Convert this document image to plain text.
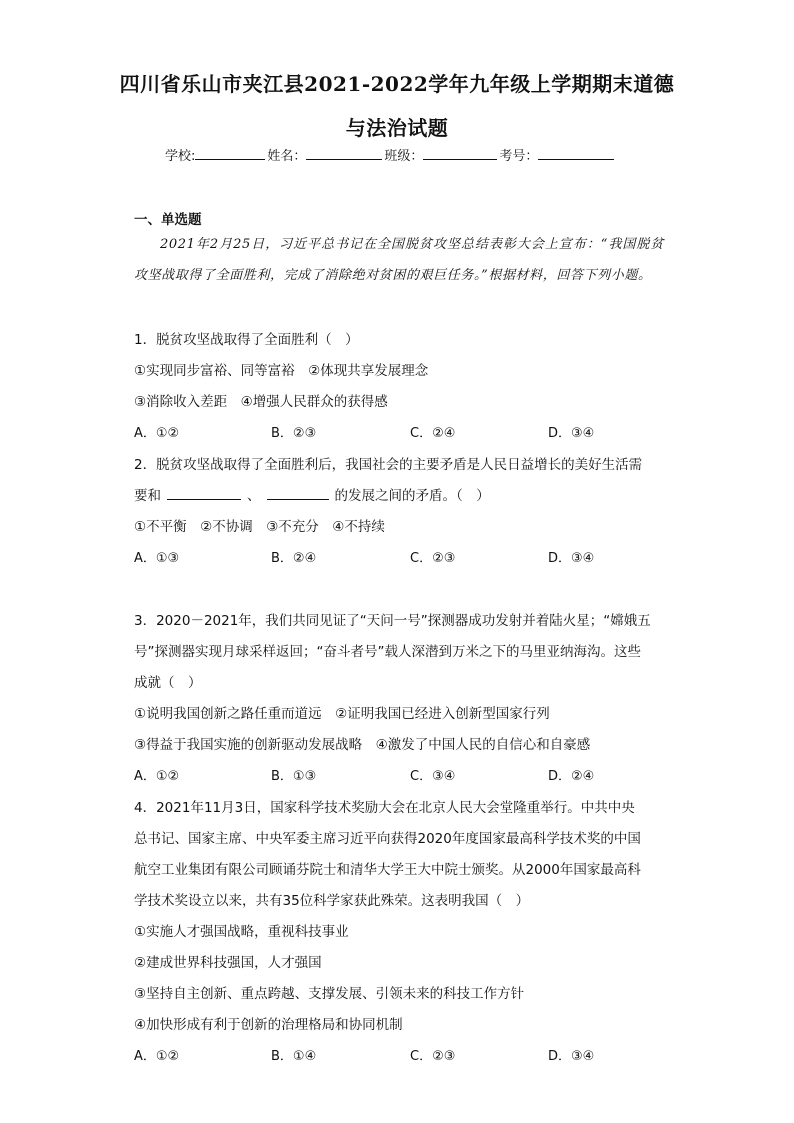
四川省乐山市夹江县2021-2022学年九年级上学期期末道德
与法治试题
学校:	姓名：	班级：	考号：
一、单选题
2021年2月25日，习近平总书记在全国脱贫攻坚总结表彰大会上宣布：“我国脱贫攻坚战取得了全面胜利，完成了消除绝对贫困的艰巨任务。”根据材料，回答下列小题。
1．脱贫攻坚战取得了全面胜利（　）
①实现同步富裕、同等富裕　②体现共享发展理念
③消除收入差距　④增强人民群众的获得感
A．①②	B．②③	C．②④	D．③④
2．脱贫攻坚战取得了全面胜利后，我国社会的主要矛盾是人民日益增长的美好生活需
要和	、	的发展之间的矛盾。（　）
①不平衡　②不协调　③不充分　④不持续
A．①③	B．②④	C．②③	D．③④
3．2020－2021年，我们共同见证了“天问一号”探测器成功发射并着陆火星；“嫦娥五
号”探测器实现月球采样返回；“奋斗者号”载人深潜到万米之下的马里亚纳海沟。这些
成就（　）
①说明我国创新之路任重而道远　②证明我国已经进入创新型国家行列
③得益于我国实施的创新驱动发展战略　④激发了中国人民的自信心和自豪感
A．①②	B．①③	C．③④	D．②④
4．2021年11月3日，国家科学技术奖励大会在北京人民大会堂隆重举行。中共中央
总书记、国家主席、中央军委主席习近平向获得2020年度国家最高科学技术奖的中国
航空工业集团有限公司顾诵芬院士和清华大学王大中院士颁奖。从2000年国家最高科
学技术奖设立以来，共有35位科学家获此殊荣。这表明我国（　）
①实施人才强国战略，重视科技事业
②建成世界科技强国，人才强国
③坚持自主创新、重点跨越、支撑发展、引领未来的科技工作方针
④加快形成有利于创新的治理格局和协同机制
A．①②	B．①④	C．②③	D．③④
